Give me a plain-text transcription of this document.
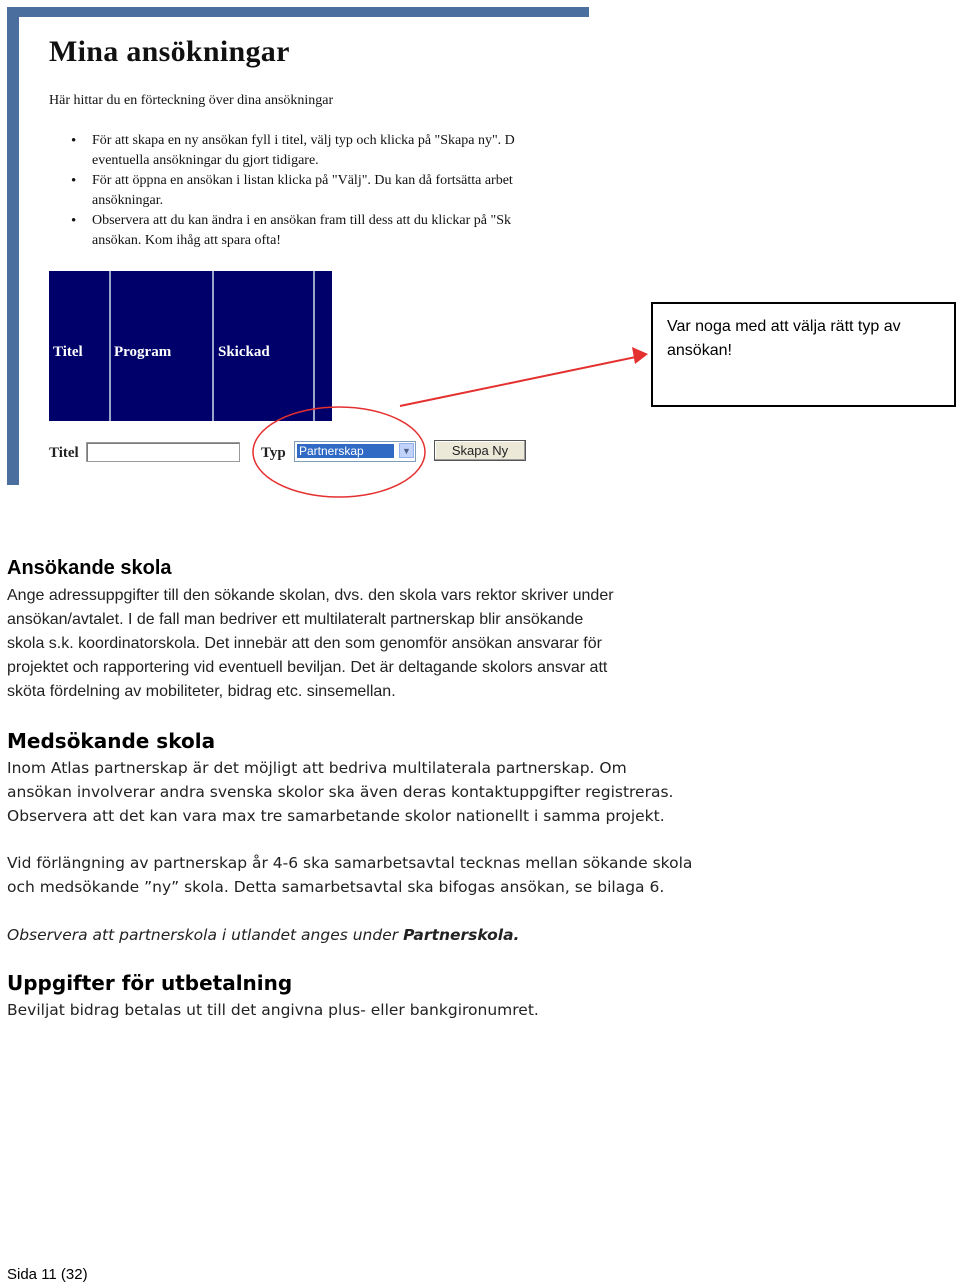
Mina ansökningar
Här hittar du en förteckning över dina ansökningar
• För att skapa en ny ansökan fyll i titel, välj typ och klicka på "Skapa ny". D
eventuella ansökningar du gjort tidigare.
• För att öppna en ansökan i listan klicka på "Välj". Du kan då fortsätta arbet
ansökningar.
• Observera att du kan ändra i en ansökan fram till dess att du klickar på "Sk
ansökan. Kom ihåg att spara ofta!
Titel Program	Skickad
Titel	Typ Partnerskap	▼	Skapa Ny
Var noga med att välja rätt typ av ansökan!
Ansökande skola
Ange adressuppgifter till den sökande skolan, dvs. den skola vars rektor skriver under
ansökan/avtalet. I de fall man bedriver ett multilateralt partnerskap blir ansökande
skola s.k. koordinatorskola. Det innebär att den som genomför ansökan ansvarar för
projektet och rapportering vid eventuell beviljan. Det är deltagande skolors ansvar att
sköta fördelning av mobiliteter, bidrag etc. sinsemellan.
Medsökande skola
Inom Atlas partnerskap är det möjligt att bedriva multilaterala partnerskap. Om
ansökan involverar andra svenska skolor ska även deras kontaktuppgifter registreras.
Observera att det kan vara max tre samarbetande skolor nationellt i samma projekt.
Vid förlängning av partnerskap år 4-6 ska samarbetsavtal tecknas mellan sökande skola
och medsökande ”ny” skola. Detta samarbetsavtal ska bifogas ansökan, se bilaga 6.
Observera att partnerskola i utlandet anges under Partnerskola.
Uppgifter för utbetalning
Beviljat bidrag betalas ut till det angivna plus- eller bankgironumret.
Sida 11 (32)
